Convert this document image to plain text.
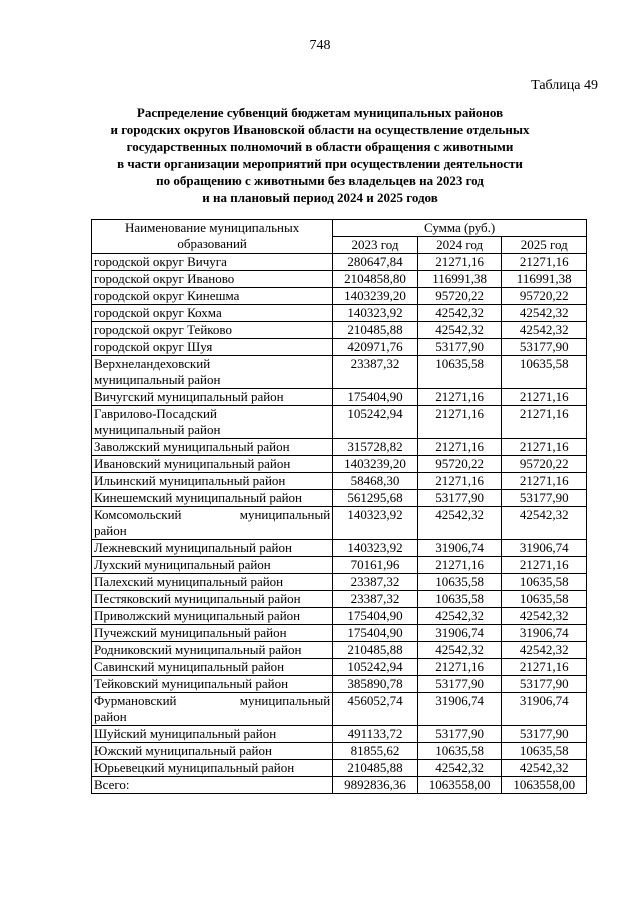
748
Таблица 49
Распределение субвенций бюджетам муниципальных районов
и городских округов Ивановской области на осуществление отдельных
государственных полномочий в области обращения с животными
в части организации мероприятий при осуществлении деятельности
по обращению с животными без владельцев на 2023 год
и на плановый период 2024 и 2025 годов
Наименование муниципальных
образований	Сумма (руб.)		
	2023 год	2024 год	2025 год
городской округ Вичуга	280647,84	21271,16	21271,16
городской округ Иваново	2104858,80	116991,38	116991,38
городской округ Кинешма	1403239,20	95720,22	95720,22
городской округ Кохма	140323,92	42542,32	42542,32
городской округ Тейково	210485,88	42542,32	42542,32
городской округ Шуя	420971,76	53177,90	53177,90

Верхнеландеховский
муниципальный район	23387,32	10635,58	10635,58
Вичугский муниципальный район	175404,90	21271,16	21271,16

Гаврилово-Посадский
муниципальный район	105242,94	21271,16	21271,16
Заволжский муниципальный район	315728,82	21271,16	21271,16
Ивановский муниципальный район	1403239,20	95720,22	95720,22
Ильинский муниципальный район	58468,30	21271,16	21271,16
Кинешемский муниципальный район	561295,68	53177,90	53177,90

Комсомольский муниципальный
район	140323,92	42542,32	42542,32
Лежневский муниципальный район	140323,92	31906,74	31906,74
Лухский муниципальный район	70161,96	21271,16	21271,16
Палехский муниципальный район	23387,32	10635,58	10635,58
Пестяковский муниципальный район	23387,32	10635,58	10635,58
Приволжский муниципальный район	175404,90	42542,32	42542,32
Пучежский муниципальный район	175404,90	31906,74	31906,74
Родниковский муниципальный район	210485,88	42542,32	42542,32
Савинский муниципальный район	105242,94	21271,16	21271,16
Тейковский муниципальный район	385890,78	53177,90	53177,90

Фурмановский муниципальный
район	456052,74	31906,74	31906,74
Шуйский муниципальный район	491133,72	53177,90	53177,90
Южский муниципальный район	81855,62	10635,58	10635,58
Юрьевецкий муниципальный район	210485,88	42542,32	42542,32
Всего:	9892836,36	1063558,00	1063558,00
